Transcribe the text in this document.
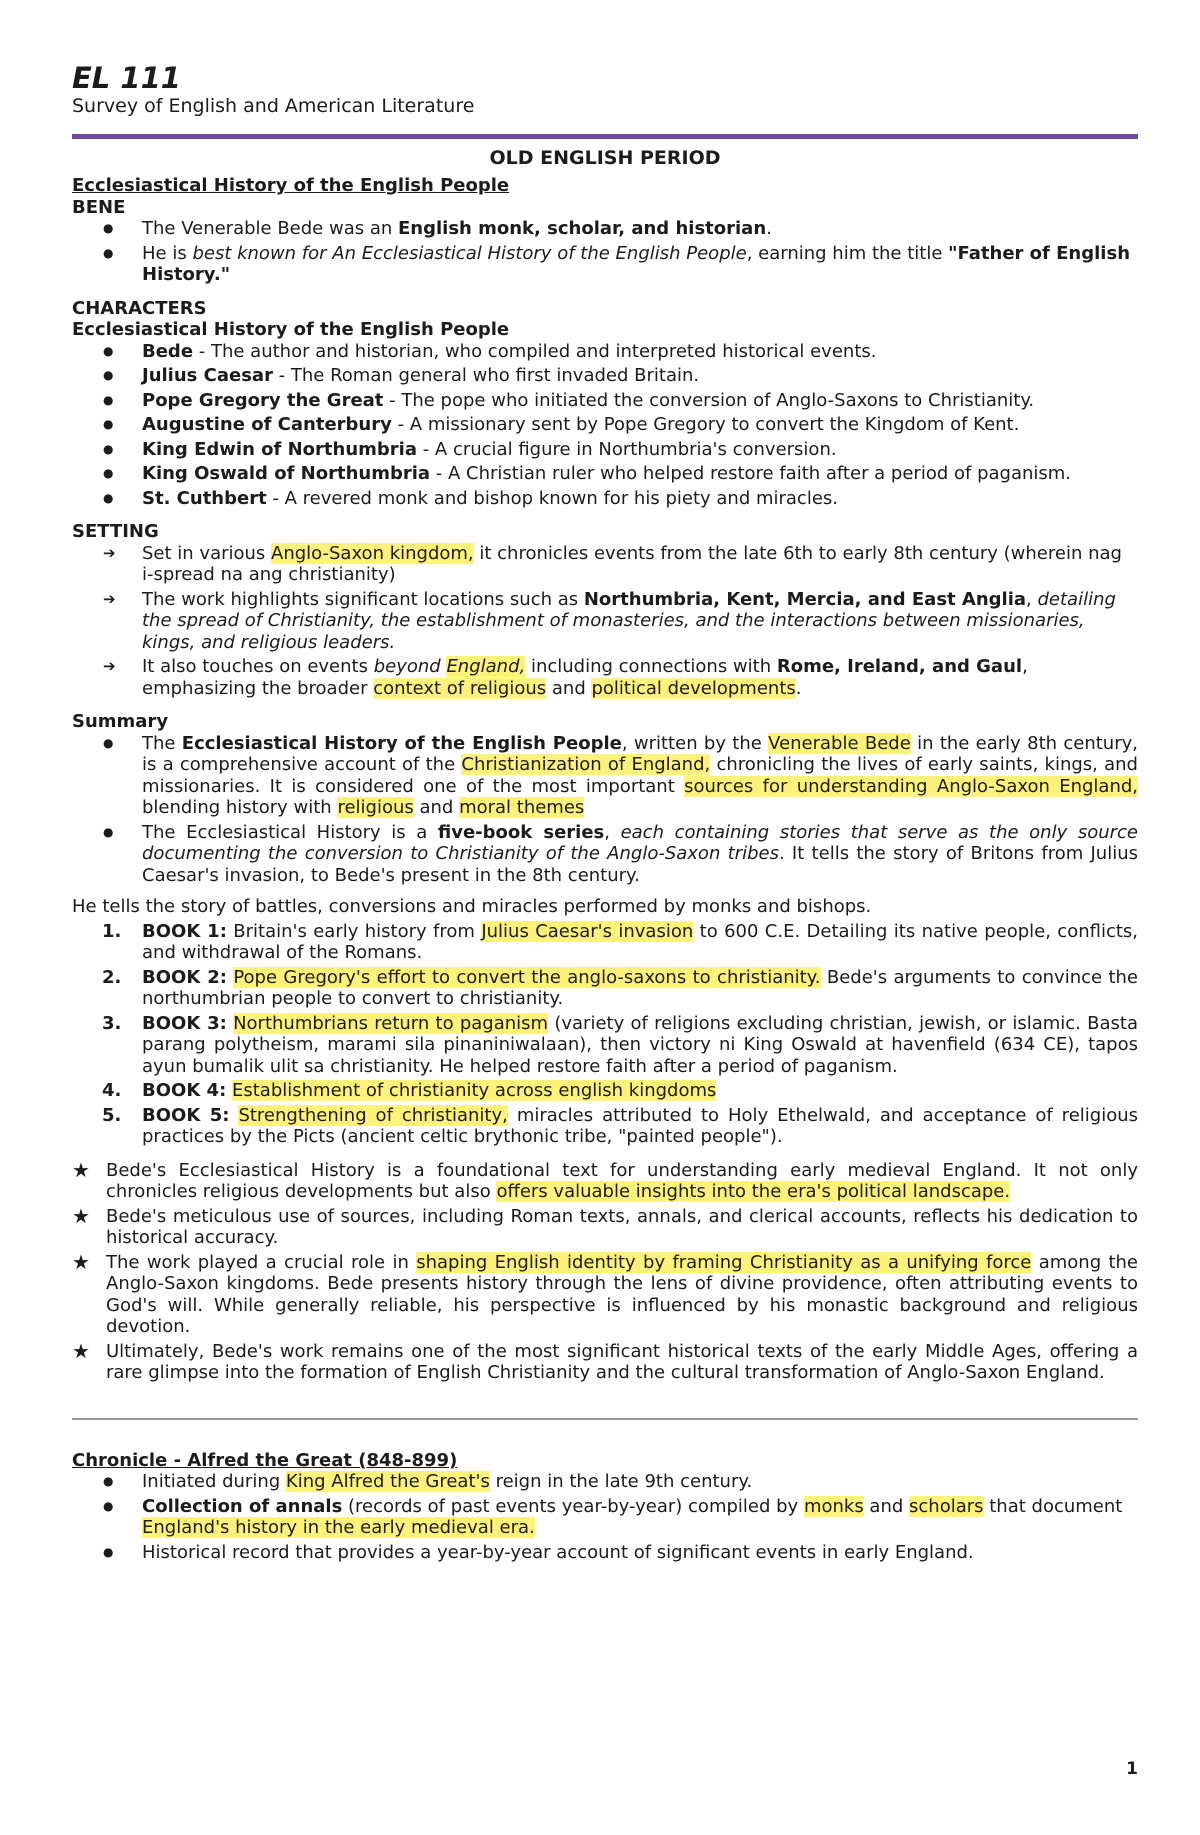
EL 111

Survey of English and American Literature

OLD ENGLISH PERIOD

Ecclesiastical History of the English People

BENE

● The Venerable Bede was an English monk, scholar, and historian.
● He is best known for An Ecclesiastical History of the English People, earning him the title "Father of English History."

CHARACTERS

Ecclesiastical History of the English People

● Bede - The author and historian, who compiled and interpreted historical events.
● Julius Caesar - The Roman general who first invaded Britain.
● Pope Gregory the Great - The pope who initiated the conversion of Anglo-Saxons to Christianity.
● Augustine of Canterbury - A missionary sent by Pope Gregory to convert the Kingdom of Kent.
● King Edwin of Northumbria - A crucial figure in Northumbria's conversion.
● King Oswald of Northumbria - A Christian ruler who helped restore faith after a period of paganism.
● St. Cuthbert - A revered monk and bishop known for his piety and miracles.

SETTING

➔ Set in various Anglo-Saxon kingdom, it chronicles events from the late 6th to early 8th century (wherein nag i-spread na ang christianity)
➔ The work highlights significant locations such as Northumbria, Kent, Mercia, and East Anglia, detailing the spread of Christianity, the establishment of monasteries, and the interactions between missionaries, kings, and religious leaders.
➔ It also touches on events beyond England, including connections with Rome, Ireland, and Gaul, emphasizing the broader context of religious and political developments.

Summary

● The Ecclesiastical History of the English People, written by the Venerable Bede in the early 8th century, is a comprehensive account of the Christianization of England, chronicling the lives of early saints, kings, and missionaries. It is considered one of the most important sources for understanding Anglo-Saxon England, blending history with religious and moral themes
● The Ecclesiastical History is a five-book series, each containing stories that serve as the only source documenting the conversion to Christianity of the Anglo-Saxon tribes. It tells the story of Britons from Julius Caesar's invasion, to Bede's present in the 8th century.

He tells the story of battles, conversions and miracles performed by monks and bishops.

1. BOOK 1: Britain's early history from Julius Caesar's invasion to 600 C.E. Detailing its native people, conflicts, and withdrawal of the Romans.
2. BOOK 2: Pope Gregory's effort to convert the anglo-saxons to christianity. Bede's arguments to convince the northumbrian people to convert to christianity.
3. BOOK 3: Northumbrians return to paganism (variety of religions excluding christian, jewish, or islamic. Basta parang polytheism, marami sila pinaniniwalaan), then victory ni King Oswald at havenfield (634 CE), tapos ayun bumalik ulit sa christianity. He helped restore faith after a period of paganism.
4. BOOK 4: Establishment of christianity across english kingdoms
5. BOOK 5: Strengthening of christianity, miracles attributed to Holy Ethelwald, and acceptance of religious practices by the Picts (ancient celtic brythonic tribe, "painted people").
★ Bede's Ecclesiastical History is a foundational text for understanding early medieval England. It not only chronicles religious developments but also offers valuable insights into the era's political landscape.
★ Bede's meticulous use of sources, including Roman texts, annals, and clerical accounts, reflects his dedication to historical accuracy.
★ The work played a crucial role in shaping English identity by framing Christianity as a unifying force among the Anglo-Saxon kingdoms. Bede presents history through the lens of divine providence, often attributing events to God's will. While generally reliable, his perspective is influenced by his monastic background and religious devotion.
★ Ultimately, Bede's work remains one of the most significant historical texts of the early Middle Ages, offering a rare glimpse into the formation of English Christianity and the cultural transformation of Anglo-Saxon England.

Chronicle - Alfred the Great (848-899)

● Initiated during King Alfred the Great's reign in the late 9th century.
● Collection of annals (records of past events year-by-year) compiled by monks and scholars that document England's history in the early medieval era.
● Historical record that provides a year-by-year account of significant events in early England.
1
